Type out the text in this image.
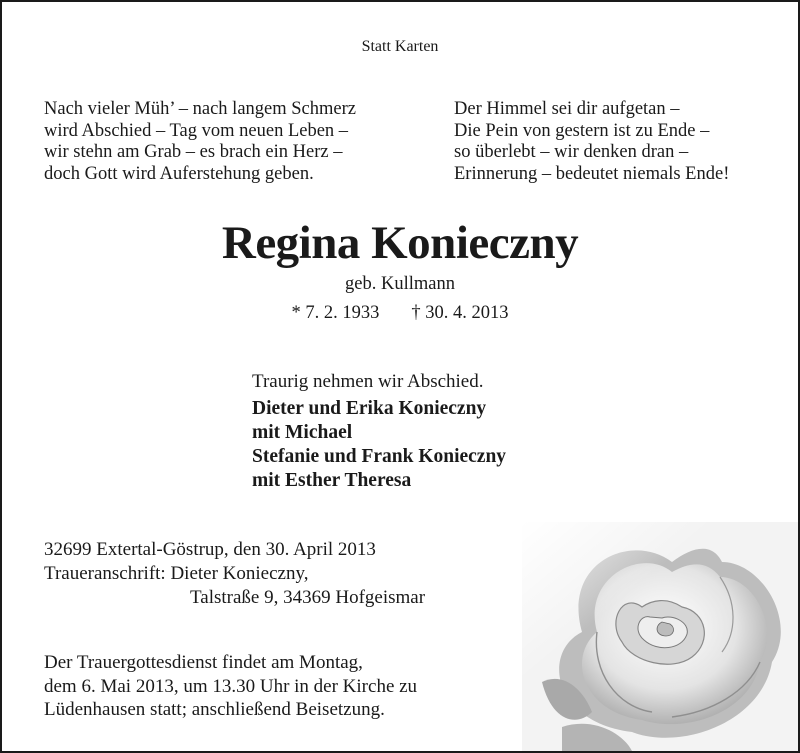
Statt Karten
Nach vieler Müh’ – nach langem Schmerz
wird Abschied – Tag vom neuen Leben –
wir stehn am Grab – es brach ein Herz –
doch Gott wird Auferstehung geben.
Der Himmel sei dir aufgetan –
Die Pein von gestern ist zu Ende –
so überlebt – wir denken dran –
Erinnerung – bedeutet niemals Ende!
Regina Konieczny
geb. Kullmann
* 7. 2. 1933 † 30. 4. 2013
Traurig nehmen wir Abschied.
Dieter und Erika Konieczny
mit Michael
Stefanie und Frank Konieczny
mit Esther Theresa
32699 Extertal-Göstrup, den 30. April 2013
Traueranschrift: Dieter Konieczny,
Talstraße 9, 34369 Hofgeismar
Der Trauergottesdienst findet am Montag,
dem 6. Mai 2013, um 13.30 Uhr in der Kirche zu
Lüdenhausen statt; anschließend Beisetzung.
